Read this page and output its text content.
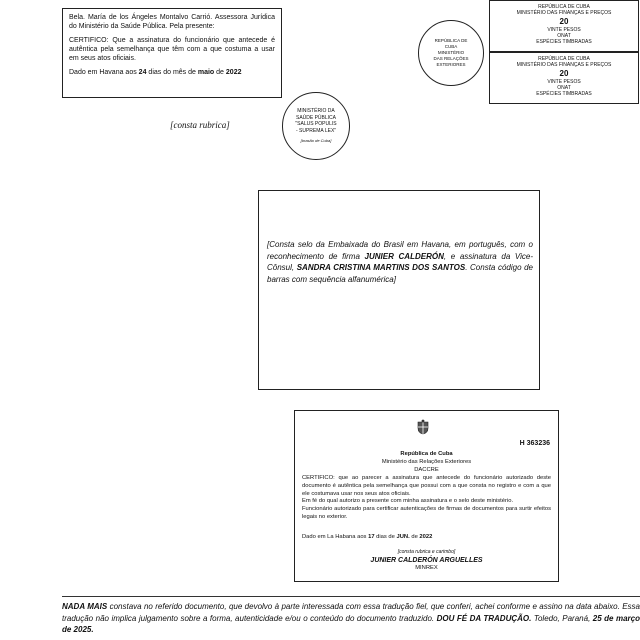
Bela. María de los Ángeles Montalvo Carrió. Assessora Jurídica do Ministério da Saúde Pública. Pela presente:

CERTIFICO: Que a assinatura do funcionário que antecede é autêntica pela semelhança que têm com a que costuma a usar em seus atos oficiais.

Dado em Havana aos 24 dias do mês de maio de 2022

REPÚBLICA DE
CUBA
MINISTÉRIO
DAS RELAÇÕES
EXTERIORES
REPÚBLICA DE CUBA
MINISTÉRIO DAS FINANÇAS E PREÇOS
20
VINTE PESOS
ONAT
ESPÉCIES TIMBRADAS
REPÚBLICA DE CUBA
MINISTÉRIO DAS FINANÇAS E PREÇOS
20
VINTE PESOS
ONAT
ESPÉCIES TIMBRADAS
MINISTÉRIO DA
SAÚDE PÚBLICA
"SALUS POPULIS
- SUPREMA LEX"
[brasão de Cuba]
[consta rubrica]
[Consta selo da Embaixada do Brasil em Havana, em português, com o reconhecimento de firma JUNIER CALDERÓN, e assinatura da Vice-Cônsul, SANDRA CRISTINA MARTINS DOS SANTOS. Consta código de barras com sequência alfanumérica]
H 363236
República de Cuba
Ministério das Relações Exteriores
DACCRE

CERTIFICO: que ao parecer a assinatura que antecede do funcionário autorizado deste documento é autêntica pela semelhança que possui com a que consta no registro e com a que ele costumava usar nos seus atos oficiais.

Em fé do qual autorizo a presente com minha assinatura e o selo deste ministério.

Funcionário autorizado para certificar autenticações de firmas de documentos para surtir efeitos legais no exterior.

Dado em La Habana aos 17 dias de JUN. de 2022
[consta rubrica e carimbo]
JUNIER CALDERÓN ARGUELLES
MINREX
NADA MAIS constava no referido documento, que devolvo à parte interessada com essa tradução fiel, que conferi, achei conforme e assino na data abaixo. Essa tradução não implica julgamento sobre a forma, autenticidade e/ou o conteúdo do documento traduzido. DOU FÉ DA TRADUÇÃO. Toledo, Paraná, 25 de março de 2025.
